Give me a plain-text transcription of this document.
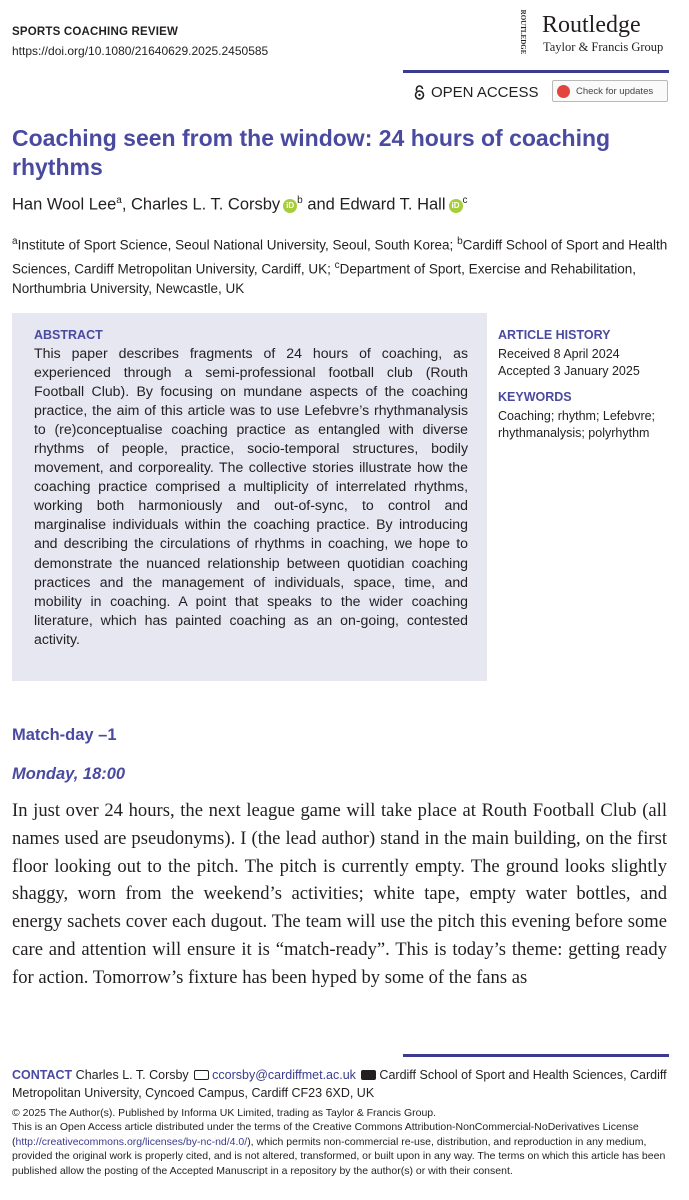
SPORTS COACHING REVIEW
https://doi.org/10.1080/21640629.2025.2450585	ROUTLEDGE Routledge
Taylor & Francis Group
OPEN ACCESS	Check for updates
Coaching seen from the window: 24 hours of coaching rhythms
Han Wool Lee$^a$, Charles L. T. Corsby iD $^b$ and Edward T. Hall iD $^c$
$^a$Institute of Sport Science, Seoul National University, Seoul, South Korea; $^b$Cardiff School of Sport and Health Sciences, Cardiff Metropolitan University, Cardiff, UK; $^c$Department of Sport, Exercise and Rehabilitation, Northumbria University, Newcastle, UK
ABSTRACT
This paper describes fragments of 24 hours of coaching, as experienced through a semi-professional football club (Routh Football Club). By focusing on mundane aspects of the coaching practice, the aim of this article was to use Lefebvre’s rhythmanalysis to (re)conceptualise coaching practice as entangled with diverse rhythms of people, practice, socio-temporal structures, bodily movement, and corporeality. The collective stories illustrate how the coaching practice comprised a multiplicity of interrelated rhythms, working both harmoniously and out-of-sync, to control and marginalise individuals within the coaching practice. By introducing and describing the circulations of rhythms in coaching, we hope to demonstrate the nuanced relationship between quotidian coaching practices and the management of individuals, space, time, and mobility in coaching. A point that speaks to the wider coaching literature, which has painted coaching as an on-going, contested activity.
ARTICLE HISTORY
Received 8 April 2024
Accepted 3 January 2025
KEYWORDS
Coaching; rhythm; Lefebvre; rhythmanalysis; polyrhythm
Match-day –1
Monday, 18:00
In just over 24 hours, the next league game will take place at Routh Football Club (all names used are pseudonyms). I (the lead author) stand in the main building, on the first floor looking out to the pitch. The pitch is currently empty. The ground looks slightly shaggy, worn from the weekend’s activities; white tape, empty water bottles, and energy sachets cover each dugout. The team will use the pitch this evening before some care and attention will ensure it is “match-ready”. This is today’s theme: getting ready for action. Tomorrow’s fixture has been hyped by some of the fans as
CONTACT Charles L. T. Corsby ccorsby@cardiffmet.ac.uk Cardiff School of Sport and Health Sciences, Cardiff Metropolitan University, Cyncoed Campus, Cardiff CF23 6XD, UK
© 2025 The Author(s). Published by Informa UK Limited, trading as Taylor & Francis Group.
This is an Open Access article distributed under the terms of the Creative Commons Attribution-NonCommercial-NoDerivatives License (http://creativecommons.org/licenses/by-nc-nd/4.0/), which permits non-commercial re-use, distribution, and reproduction in any medium, provided the original work is properly cited, and is not altered, transformed, or built upon in any way. The terms on which this article has been published allow the posting of the Accepted Manuscript in a repository by the author(s) or with their consent.
